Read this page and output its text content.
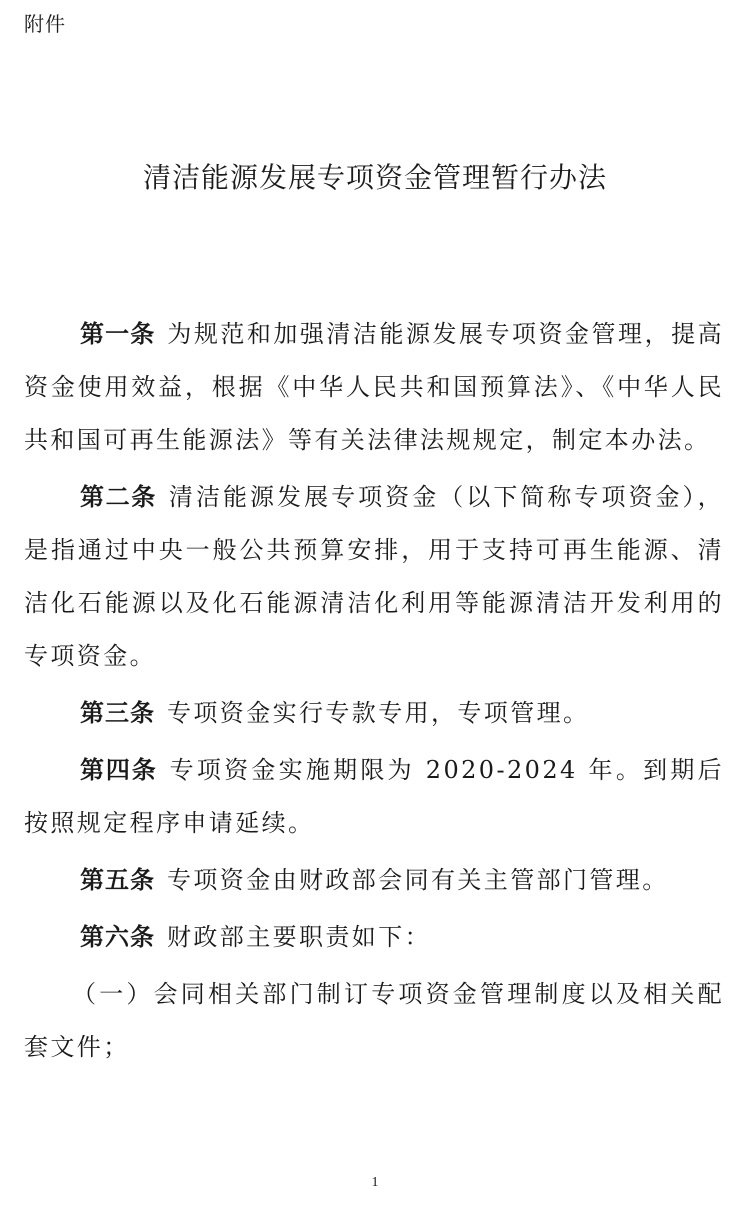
附件
清洁能源发展专项资金管理暂行办法

第一条 为规范和加强清洁能源发展专项资金管理，提高资金使用效益，根据《中华人民共和国预算法》、《中华人民共和国可再生能源法》等有关法律法规规定，制定本办法。

第二条 清洁能源发展专项资金（以下简称专项资金），是指通过中央一般公共预算安排，用于支持可再生能源、清洁化石能源以及化石能源清洁化利用等能源清洁开发利用的专项资金。

第三条 专项资金实行专款专用，专项管理。

第四条 专项资金实施期限为 2020-2024 年。到期后按照规定程序申请延续。

第五条 专项资金由财政部会同有关主管部门管理。

第六条 财政部主要职责如下：

（一）会同相关部门制订专项资金管理制度以及相关配套文件；

1
